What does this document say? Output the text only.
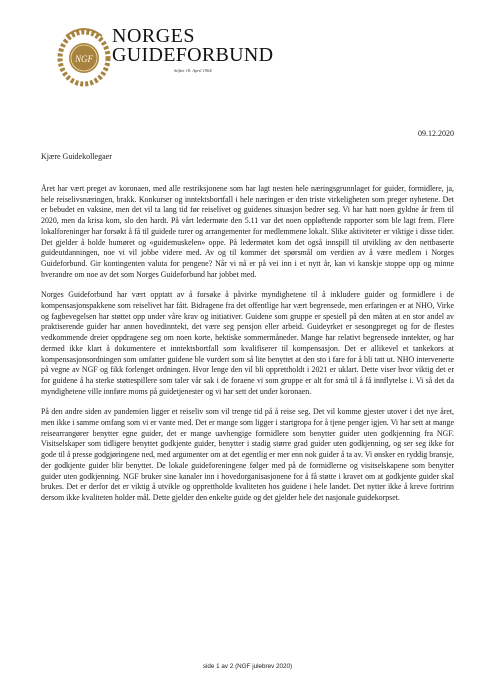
NGF
NORGES
GUIDEFORBUND
Stiftet 18. April 1964
09.12.2020
Kjære Guidekollegaer

Året har vært preget av koronaen, med alle restriksjonene som har lagt nesten hele næringsgrunnlaget for guider, formidlere, ja, hele reiselivsnæringen, brakk. Konkurser og inntektsbortfall i hele næringen er den triste virkeligheten som preger nyhetene. Det er bebudet en vaksine, men det vil ta lang tid før reiselivet og guidenes situasjon bedrer seg. Vi har hatt noen gyldne år frem til 2020, men da krisa kom, slo den hardt. På vårt ledermøte den 5.11 var det noen oppløftende rapporter som ble lagt frem. Flere lokalforeninger har forsøkt å få til guidede turer og arrangementer for medlemmene lokalt. Slike aktiviteter er viktige i disse tider. Det gjelder å holde humøret og «guidemuskelen» oppe. På ledermøtet kom det også innspill til utvikling av den nettbaserte guideutdanningen, noe vi vil jobbe videre med. Av og til kommer det spørsmål om verdien av å være medlem i Norges Guideforbund. Gir kontingenten valuta for pengene? Når vi nå er på vei inn i et nytt år, kan vi kanskje stoppe opp og minne hverandre om noe av det som Norges Guideforbund har jobbet med.

Norges Guideforbund har vært opptatt av å forsøke å påvirke myndighetene til å inkludere guider og formidlere i de kompensasjonspakkene som reiselivet har fått. Bidragene fra det offentlige har vært begrensede, men erfaringen er at NHO, Virke og fagbevegelsen har støttet opp under våre krav og initiativer. Guidene som gruppe er spesiell på den måten at en stor andel av praktiserende guider har annen hovedinntekt, det være seg pensjon eller arbeid. Guideyrket er sesongpreget og for de flestes vedkommende dreier oppdragene seg om noen korte, hektiske sommermåneder. Mange har relativt begrensede inntekter, og har dermed ikke klart å dokumentere et inntektsbortfall som kvalifiserer til kompensasjon. Det er allikevel et tankekors at kompensasjonsordningen som omfatter guidene ble vurdert som så lite benyttet at den sto i fare for å bli tatt ut. NHO intervenerte på vegne av NGF og fikk forlenget ordningen. Hvor lenge den vil bli opprettholdt i 2021 er uklart. Dette viser hvor viktig det er for guidene å ha sterke støttespillere som taler vår sak i de foraene vi som gruppe er alt for små til å få innflytelse i. Vi så det da myndighetene ville innføre moms på guidetjenester og vi har sett det under koronaen.

På den andre siden av pandemien ligger et reiseliv som vil trenge tid på å reise seg. Det vil komme gjester utover i det nye året, men ikke i samme omfang som vi er vante med. Det er mange som ligger i startgropa for å tjene penger igjen. Vi har sett at mange reisearrangører benytter egne guider, det er mange uavhengige formidlere som benytter guider uten godkjenning fra NGF. Visitselskaper som tidligere benyttet godkjente guider, benytter i stadig større grad guider uten godkjenning, og ser seg ikke for gode til å presse godgjøringene ned, med argumenter om at det egentlig er mer enn nok guider å ta av. Vi ønsker en ryddig bransje, der godkjente guider blir benyttet. De lokale guideforeningene følger med på de formidlerne og visitselskapene som benytter guider uten godkjenning. NGF bruker sine kanaler inn i hovedorganisasjonene for å få støtte i kravet om at godkjente guider skal brukes. Det er derfor det er viktig å utvikle og opprettholde kvaliteten hos guidene i hele landet. Det nytter ikke å kreve fortrinn dersom ikke kvaliteten holder mål. Dette gjelder den enkelte guide og det gjelder hele det nasjonale guidekorpset.

side 1 av 2 (NGF julebrev 2020)
